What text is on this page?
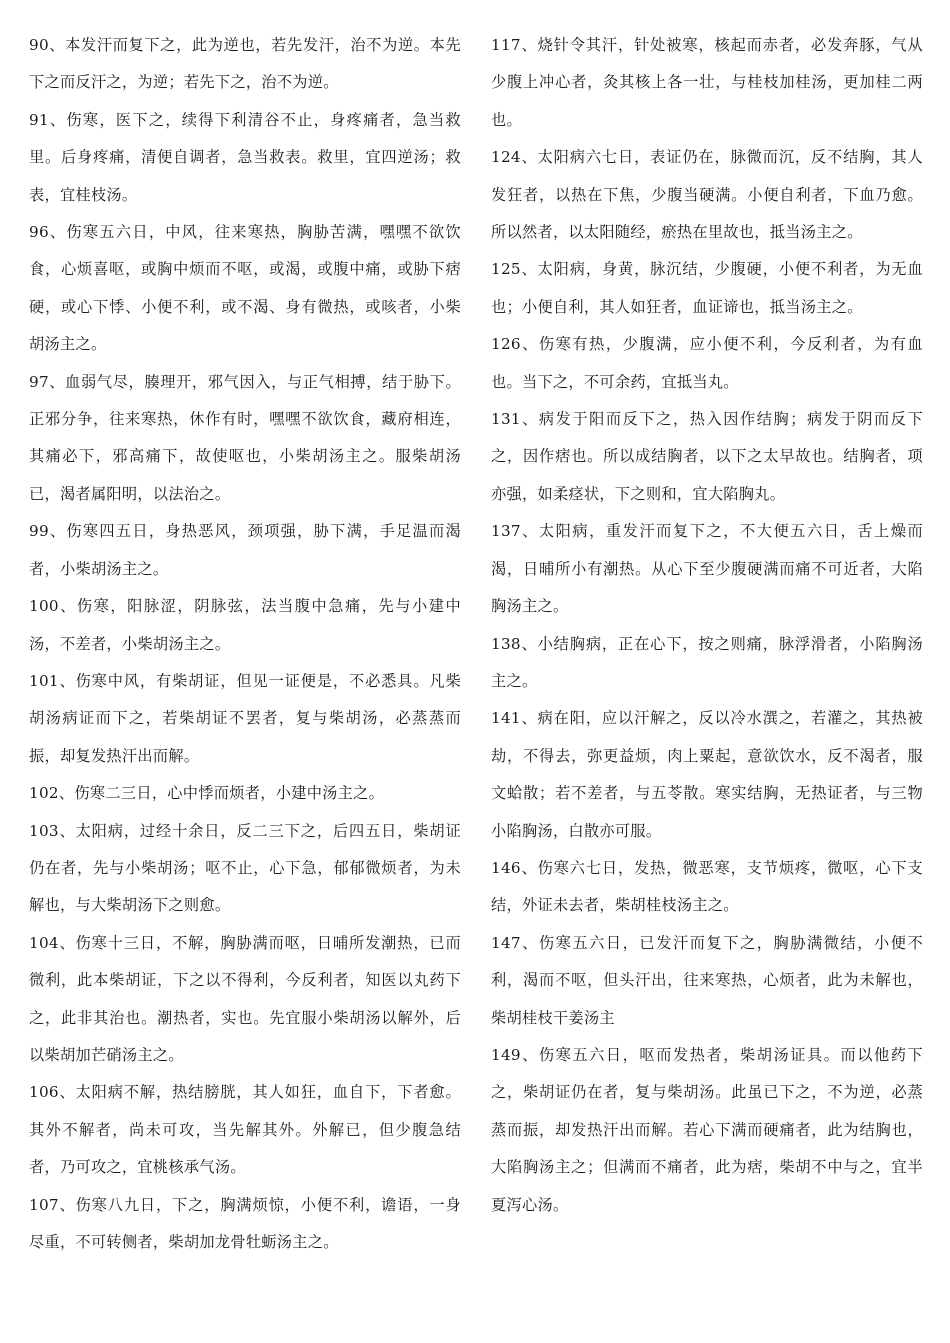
90、本发汗而复下之，此为逆也，若先发汗，治不为逆。本先下之而反汗之，为逆；若先下之，治不为逆。

91、伤寒，医下之，续得下利清谷不止，身疼痛者，急当救里。后身疼痛，清便自调者，急当救表。救里，宜四逆汤；救表，宜桂枝汤。

96、伤寒五六日，中风，往来寒热，胸胁苦满，嘿嘿不欲饮食，心烦喜呕，或胸中烦而不呕，或渴，或腹中痛，或胁下痞硬，或心下悸、小便不利，或不渴、身有微热，或咳者，小柴胡汤主之。

97、血弱气尽，腠理开，邪气因入，与正气相搏，结于胁下。正邪分争，往来寒热，休作有时，嘿嘿不欲饮食，藏府相连，其痛必下，邪高痛下，故使呕也，小柴胡汤主之。服柴胡汤已，渴者属阳明，以法治之。

99、伤寒四五日，身热恶风，颈项强，胁下满，手足温而渴者，小柴胡汤主之。

100、伤寒，阳脉涩，阴脉弦，法当腹中急痛，先与小建中汤，不差者，小柴胡汤主之。

101、伤寒中风，有柴胡证，但见一证便是，不必悉具。凡柴胡汤病证而下之，若柴胡证不罢者，复与柴胡汤，必蒸蒸而振，却复发热汗出而解。

102、伤寒二三日，心中悸而烦者，小建中汤主之。

103、太阳病，过经十余日，反二三下之，后四五日，柴胡证仍在者，先与小柴胡汤；呕不止，心下急，郁郁微烦者，为未解也，与大柴胡汤下之则愈。

104、伤寒十三日，不解，胸胁满而呕，日晡所发潮热，已而微利，此本柴胡证，下之以不得利，今反利者，知医以丸药下之，此非其治也。潮热者，实也。先宜服小柴胡汤以解外，后以柴胡加芒硝汤主之。

106、太阳病不解，热结膀胱，其人如狂，血自下，下者愈。其外不解者，尚未可攻，当先解其外。外解已，但少腹急结者，乃可攻之，宜桃核承气汤。

107、伤寒八九日，下之，胸满烦惊，小便不利，谵语，一身尽重，不可转侧者，柴胡加龙骨牡蛎汤主之。

117、烧针令其汗，针处被寒，核起而赤者，必发奔豚，气从少腹上冲心者，灸其核上各一壮，与桂枝加桂汤，更加桂二两也。

124、太阳病六七日，表证仍在，脉微而沉，反不结胸，其人发狂者，以热在下焦，少腹当硬满。小便自利者，下血乃愈。所以然者，以太阳随经，瘀热在里故也，抵当汤主之。

125、太阳病，身黄，脉沉结，少腹硬，小便不利者，为无血也；小便自利，其人如狂者，血证谛也，抵当汤主之。

126、伤寒有热，少腹满，应小便不利，今反利者，为有血也。当下之，不可余药，宜抵当丸。

131、病发于阳而反下之，热入因作结胸；病发于阴而反下之，因作痞也。所以成结胸者，以下之太早故也。结胸者，项亦强，如柔痉状，下之则和，宜大陷胸丸。

137、太阳病，重发汗而复下之，不大便五六日，舌上燥而渴，日晡所小有潮热。从心下至少腹硬满而痛不可近者，大陷胸汤主之。

138、小结胸病，正在心下，按之则痛，脉浮滑者，小陷胸汤主之。

141、病在阳，应以汗解之，反以冷水潠之，若灌之，其热被劫，不得去，弥更益烦，肉上粟起，意欲饮水，反不渴者，服文蛤散；若不差者，与五苓散。寒实结胸，无热证者，与三物小陷胸汤，白散亦可服。

146、伤寒六七日，发热，微恶寒，支节烦疼，微呕，心下支结，外证未去者，柴胡桂枝汤主之。

147、伤寒五六日，已发汗而复下之，胸胁满微结，小便不利，渴而不呕，但头汗出，往来寒热，心烦者，此为未解也，柴胡桂枝干姜汤主

149、伤寒五六日，呕而发热者，柴胡汤证具。而以他药下之，柴胡证仍在者，复与柴胡汤。此虽已下之，不为逆，必蒸蒸而振，却发热汗出而解。若心下满而硬痛者，此为结胸也，大陷胸汤主之；但满而不痛者，此为痞，柴胡不中与之，宜半夏泻心汤。
